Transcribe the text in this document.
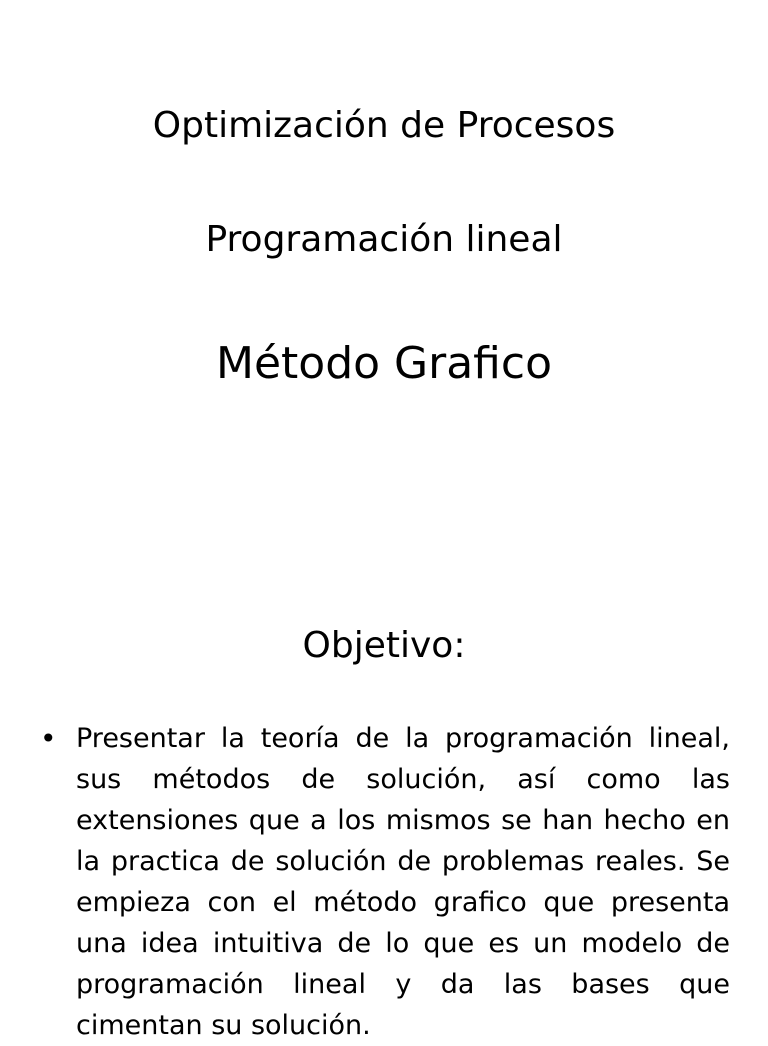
Optimización de Procesos
Programación lineal
Método Grafico
Objetivo:
• Presentar la teoría de la programación lineal, sus métodos de solución, así como las extensiones que a los mismos se han hecho en la practica de solución de problemas reales. Se empieza con el método grafico que presenta una idea intuitiva de lo que es un modelo de programación lineal y da las bases que cimentan su solución.
